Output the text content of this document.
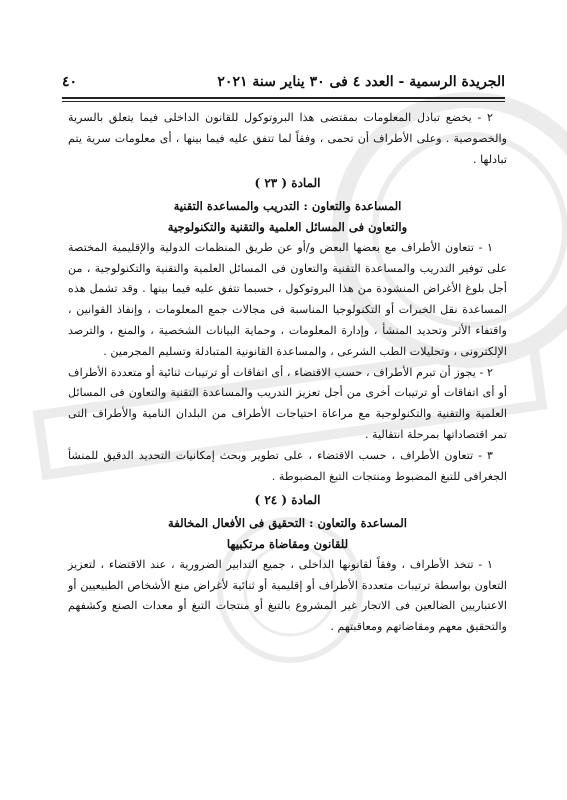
الجريدة الرسمية - العدد ٤ فى ٣٠ يناير سنة ٢٠٢١
٤٠

٢ - يخضع تبادل المعلومات بمقتضى هذا البروتوكول للقانون الداخلى فيما يتعلق بالسرية والخصوصية . وعلى الأطراف أن تحمى ، وفقاً لما تتفق عليه فيما بينها ، أى معلومات سرية يتم تبادلها .

المادة ( ٢٣ )

المساعدة والتعاون : التدريب والمساعدة التقنية

والتعاون فى المسائل العلمية والتقنية والتكنولوجية

١ - تتعاون الأطراف مع بعضها البعض و/أو عن طريق المنظمات الدولية والإقليمية المختصة على توفير التدريب والمساعدة التقنية والتعاون فى المسائل العلمية والتقنية والتكنولوجية ، من أجل بلوغ الأغراض المنشودة من هذا البروتوكول ، حسبما تتفق عليه فيما بينها . وقد تشمل هذه المساعدة نقل الخبرات أو التكنولوجيا المناسبة فى مجالات جمع المعلومات ، وإنفاذ القوانين ، واقتفاء الأثر وتحديد المنشأ ، وإدارة المعلومات ، وحماية البيانات الشخصية ، والمنع ، والترصد الإلكترونى ، وتحليلات الطب الشرعى ، والمساعدة القانونية المتبادلة وتسليم المجرمين .

٢ - يجوز أن تبرم الأطراف ، حسب الاقتضاء ، أى اتفاقات أو ترتيبات ثنائية أو متعددة الأطراف أو أى اتفاقات أو ترتيبات أخرى من أجل تعزيز التدريب والمساعدة التقنية والتعاون فى المسائل العلمية والتقنية والتكنولوجية مع مراعاة احتياجات الأطراف من البلدان النامية والأطراف التى تمر اقتصاداتها بمرحلة انتقالية .

٣ - تتعاون الأطراف ، حسب الاقتضاء ، على تطوير وبحث إمكانيات التحديد الدقيق للمنشأ الجغرافى للتبغ المضبوط ومنتجات التبغ المضبوطة .

المادة ( ٢٤ )

المساعدة والتعاون : التحقيق فى الأفعال المخالفة

للقانون ومقاضاة مرتكبيها

١ - تتخذ الأطراف ، وفقاً لقانونها الداخلى ، جميع التدابير الضرورية ، عند الاقتضاء ، لتعزيز التعاون بواسطة ترتيبات متعددة الأطراف أو إقليمية أو ثنائية لأغراض منع الأشخاص الطبيعيين أو الاعتباريين الضالعين فى الاتجار غير المشروع بالتبغ أو منتجات التبغ أو معدات الصنع وكشفهم والتحقيق معهم ومقاضاتهم ومعاقبتهم .
